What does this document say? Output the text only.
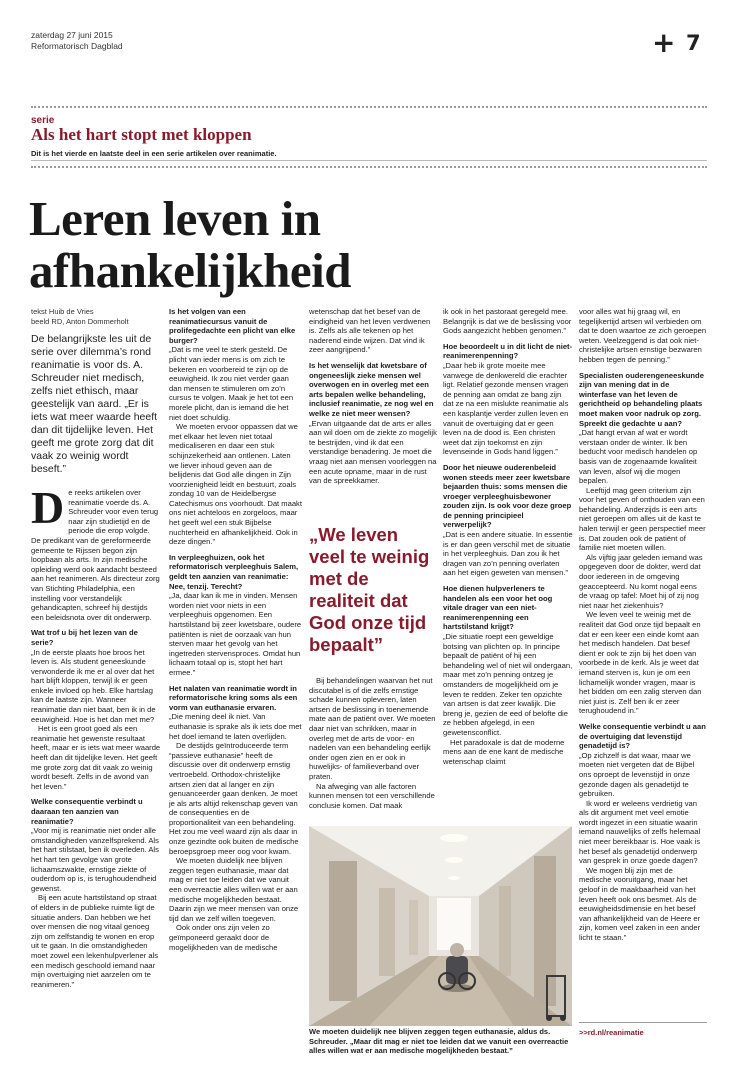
zaterdag 27 juni 2015
Reformatorisch Dagblad	+ 7
serie
Als het hart stopt met kloppen
Dit is het vierde en laatste deel in een serie artikelen over reanimatie.
Leren leven in
afhankelijkheid
tekst Huib de Vries
beeld RD, Anton Dommerholt
De belangrijkste les uit de serie over dilemma’s rond reanimatie is voor ds. A. Schreuder niet medisch, zelfs niet ethisch, maar geestelijk van aard. „Er is iets wat meer waarde heeft dan dit tijdelijke leven. Het geeft me grote zorg dat dit vaak zo weinig wordt beseft.”

De reeks artikelen over reanimatie voerde ds. A. Schreuder voor even terug naar zijn studietijd en de periode die erop volgde. De predikant van de gereformeerde gemeente te Rijssen begon zijn loopbaan als arts. In zijn medische opleiding werd ook aandacht besteed aan het reanimeren. Als directeur zorg van Stichting Philadelphia, een instelling voor verstandelijk gehandicapten, schreef hij destijds een beleidsnota over dit onderwerp.

Wat trof u bij het lezen van de serie?

„In de eerste plaats hoe broos het leven is. Als student geneeskunde verwonderde ik me er al over dat het hart blijft kloppen, terwijl ik er geen enkele invloed op heb. Elke hartslag kan de laatste zijn. Wanneer reanimatie dan niet baat, ben ik in de eeuwigheid. Hoe is het dan met me?

Het is een groot goed als een reanimatie het gewenste resultaat heeft, maar er is iets wat meer waarde heeft dan dit tijdelijke leven. Het geeft me grote zorg dat dit vaak zo weinig wordt beseft. Zelfs in de avond van het leven.”

Welke consequentie verbindt u daaraan ten aanzien van reanimatie?

„Voor mij is reanimatie niet onder alle omstandigheden vanzelfsprekend. Als het hart stilstaat, ben ik overleden. Als het hart ten gevolge van grote lichaamszwakte, ernstige ziekte of ouderdom op is, is terughoudendheid gewenst.

Bij een acute hartstilstand op straat of elders in de publieke ruimte ligt de situatie anders. Dan hebben we het over mensen die nog vitaal genoeg zijn om zelfstandig te wonen en erop uit te gaan. In die omstandigheden moet zowel een lekenhulpverlener als een medisch geschoold iemand naar mijn overtuiging niet aarzelen om te reanimeren.”

Is het volgen van een reanimatiecursus vanuit de prolifegedachte een plicht van elke burger?

„Dat is me veel te sterk gesteld. De plicht van ieder mens is om zich te bekeren en voorbereid te zijn op de eeuwigheid. Ik zou niet verder gaan dan mensen te stimuleren om zo’n cursus te volgen. Maak je het tot een morele plicht, dan is iemand die het niet doet schuldig.

We moeten ervoor oppassen dat we met elkaar het leven niet totaal medicaliseren en daar een stuk schijnzekerheid aan ontlenen. Laten we liever inhoud geven aan de belijdenis dat God alle dingen in Zijn voorzienigheid leidt en bestuurt, zoals zondag 10 van de Heidelbergse Catechismus ons voorhoudt. Dat maakt ons niet achteloos en zorgeloos, maar het geeft wel een stuk Bijbelse nuchterheid en afhankelijkheid. Ook in deze dingen.”

In verpleeghuizen, ook het reformatorisch verpleeghuis Salem, geldt ten aanzien van reanimatie: Nee, tenzij. Terecht?

„Ja, daar kan ik me in vinden. Mensen worden niet voor niets in een verpleeghuis opgenomen. Een hartstilstand bij zeer kwetsbare, oudere patiënten is niet de oorzaak van hun sterven maar het gevolg van het ingetreden stervensproces. Omdat hun lichaam totaal op is, stopt het hart ermee.”

Het nalaten van reanimatie wordt in reformatorische kring soms als een vorm van euthanasie ervaren.

„Die mening deel ik niet. Van euthanasie is sprake als ik iets doe met het doel iemand te laten overlijden.

De destijds geïntroduceerde term “passieve euthanasie” heeft de discussie over dit onderwerp ernstig vertroebeld. Orthodox-christelijke artsen zien dat al langer en zijn genuanceerder gaan denken. Je moet je als arts altijd rekenschap geven van de consequenties en de proportionaliteit van een behandeling. Het zou me veel waard zijn als daar in onze gezindte ook buiten de medische beroepsgroep meer oog voor kwam.

We moeten duidelijk nee blijven zeggen tegen euthanasie, maar dat mag er niet toe leiden dat we vanuit een overreactie alles willen wat er aan medische mogelijkheden bestaat. Daarin zijn we meer mensen van onze tijd dan we zelf willen toegeven.

Ook onder ons zijn velen zo geïmponeerd geraakt door de mogelijkheden van de medische

wetenschap dat het besef van de eindigheid van het leven verdwenen is. Zelfs als alle tekenen op het naderend einde wijzen. Dat vind ik zeer aangrijpend.”

Is het wenselijk dat kwetsbare of ongeneeslijk zieke mensen wel overwogen en in overleg met een arts bepalen welke behandeling, inclusief reanimatie, ze nog wel en welke ze niet meer wensen?

„Ervan uitgaande dat de arts er alles aan wil doen om de ziekte zo mogelijk te bestrijden, vind ik dat een verstandige benadering. Je moet die vraag niet aan mensen voorleggen na een acute opname, maar in de rust van de spreekkamer.

„We leven veel te weinig met de realiteit dat God onze tijd bepaalt”

Bij behandelingen waarvan het nut discutabel is of die zelfs ernstige schade kunnen opleveren, laten artsen de beslissing in toenemende mate aan de patiënt over. We moeten daar niet van schrikken, maar in overleg met de arts de voor- en nadelen van een behandeling eerlijk onder ogen zien en er ook in huwelijks- of familieverband over praten.

Na afweging van alle factoren kunnen mensen tot een verschillende conclusie komen. Dat maak

ik ook in het pastoraat geregeld mee. Belangrijk is dat we de beslissing voor Gods aangezicht hebben genomen.”

Hoe beoordeelt u in dit licht de niet-reanimerenpenning?

„Daar heb ik grote moeite mee vanwege de denkwereld die erachter ligt. Relatief gezonde mensen vragen de penning aan omdat ze bang zijn dat ze na een mislukte reanimatie als een kasplantje verder zullen leven en vanuit de overtuiging dat er geen leven na de dood is. Een christen weet dat zijn toekomst en zijn levenseinde in Gods hand liggen.”

Door het nieuwe ouderenbeleid wonen steeds meer zeer kwetsbare bejaarden thuis: soms mensen die vroeger verpleeghuisbewoner zouden zijn. Is ook voor deze groep de penning principieel verwerpelijk?

„Dat is een andere situatie. In essentie is er dan geen verschil met de situatie in het verpleeghuis. Dan zou ik het dragen van zo’n penning overlaten aan het eigen geweten van mensen.”

Hoe dienen hulpverleners te handelen als een voor het oog vitale drager van een niet-reanimerenpenning een hartstilstand krijgt?

„Die situatie roept een geweldige botsing van plichten op. In principe bepaalt de patiënt of hij een behandeling wel of niet wil ondergaan, maar met zo’n penning ontzeg je omstanders de mogelijkheid om je leven te redden. Zeker ten opzichte van artsen is dat zeer kwalijk. Die breng je, gezien de eed of belofte die ze hebben afgelegd, in een gewetensconflict.

Het paradoxale is dat de moderne mens aan de ene kant de medische wetenschap claimt

voor alles wat hij graag wil, en tegelijkertijd artsen wil verbieden om dat te doen waartoe ze zich geroepen weten. Veelzeggend is dat ook niet-christelijke artsen ernstige bezwaren hebben tegen de penning.”

Specialisten ouderengeneeskunde zijn van mening dat in de winterfase van het leven de gerichtheid op behandeling plaats moet maken voor nadruk op zorg. Spreekt die gedachte u aan?

„Dat hangt ervan af wat er wordt verstaan onder de winter. Ik ben beducht voor medisch handelen op basis van de zogenaamde kwaliteit van leven, alsof wij die mogen bepalen.

Leeftijd mag geen criterium zijn voor het geven of onthouden van een behandeling. Anderzijds is een arts niet geroepen om alles uit de kast te halen terwijl er geen perspectief meer is. Dat zouden ook de patiënt of familie niet moeten willen.

Als vijftig jaar geleden iemand was opgegeven door de dokter, werd dat door iedereen in de omgeving geaccepteerd. Nu komt nogal eens de vraag op tafel: Moet hij of zij nog niet naar het ziekenhuis?

We leven veel te weinig met de realiteit dat God onze tijd bepaalt en dat er een keer een einde komt aan het medisch handelen. Dat besef dient er ook te zijn bij het doen van voorbede in de kerk. Als je weet dat iemand sterven is, kun je om een lichamelijk wonder vragen, maar is het bidden om een zalig sterven dan niet juist is. Zelf ben ik er zeer terughoudend in.”

Welke consequentie verbindt u aan de overtuiging dat levenstijd genadetijd is?

„Op zichzelf is dat waar, maar we moeten niet vergeten dat de Bijbel ons oproept de levenstijd in onze gezonde dagen als genadetijd te gebruiken.

Ik word er weleens verdrietig van als dit argument met veel emotie wordt ingezet in een situatie waarin iemand nauwelijks of zelfs helemaal niet meer bereikbaar is. Hoe vaak is het besef als genadetijd onderwerp van gesprek in onze goede dagen?

We mogen blij zijn met de medische vooruitgang, maar het geloof in de maakbaarheid van het leven heeft ook ons besmet. Als de eeuwigheidsdimensie en het besef van afhankelijkheid van de Heere er zijn, komen veel zaken in een ander licht te staan.”

>>rd.nl/reanimatie
We moeten duidelijk nee blijven zeggen tegen euthanasie, aldus ds. Schreuder. „Maar dit mag er niet toe leiden dat we vanuit een overreactie alles willen wat er aan medische mogelijkheden bestaat.”
